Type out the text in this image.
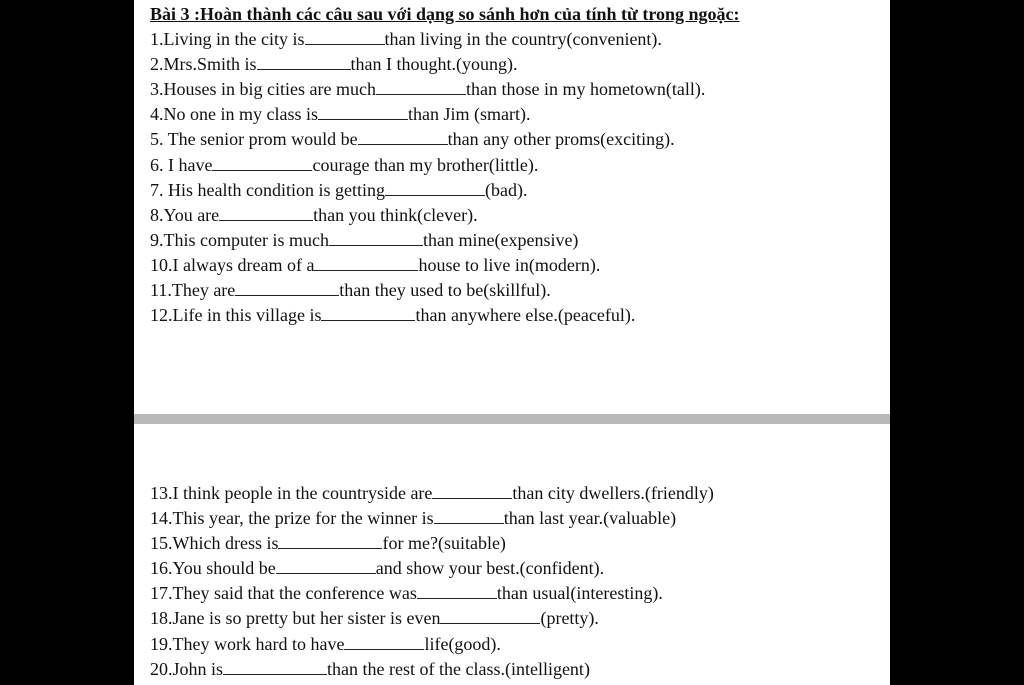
Bài 3 :Hoàn thành các câu sau với dạng so sánh hơn của tính từ trong ngoặc:
1.Living in the city is	than living in the country(convenient).
2.Mrs.Smith is	than I thought.(young).
3.Houses in big cities are much	than those in my hometown(tall).
4.No one in my class is	than Jim (smart).
5. The senior prom would be	than any other proms(exciting).
6. I have	courage than my brother(little).
7. His health condition is getting	(bad).
8.You are	than you think(clever).
9.This computer is much	than mine(expensive)
10.I always dream of a	house to live in(modern).
11.They are	than they used to be(skillful).
12.Life in this village is	than anywhere else.(peaceful).
13.I think people in the countryside are	than city dwellers.(friendly)
14.This year, the prize for the winner is	than last year.(valuable)
15.Which dress is	for me?(suitable)
16.You should be	and show your best.(confident).
17.They said that the conference was	than usual(interesting).
18.Jane is so pretty but her sister is even	(pretty).
19.They work hard to have	life(good).
20.John is	than the rest of the class.(intelligent)
